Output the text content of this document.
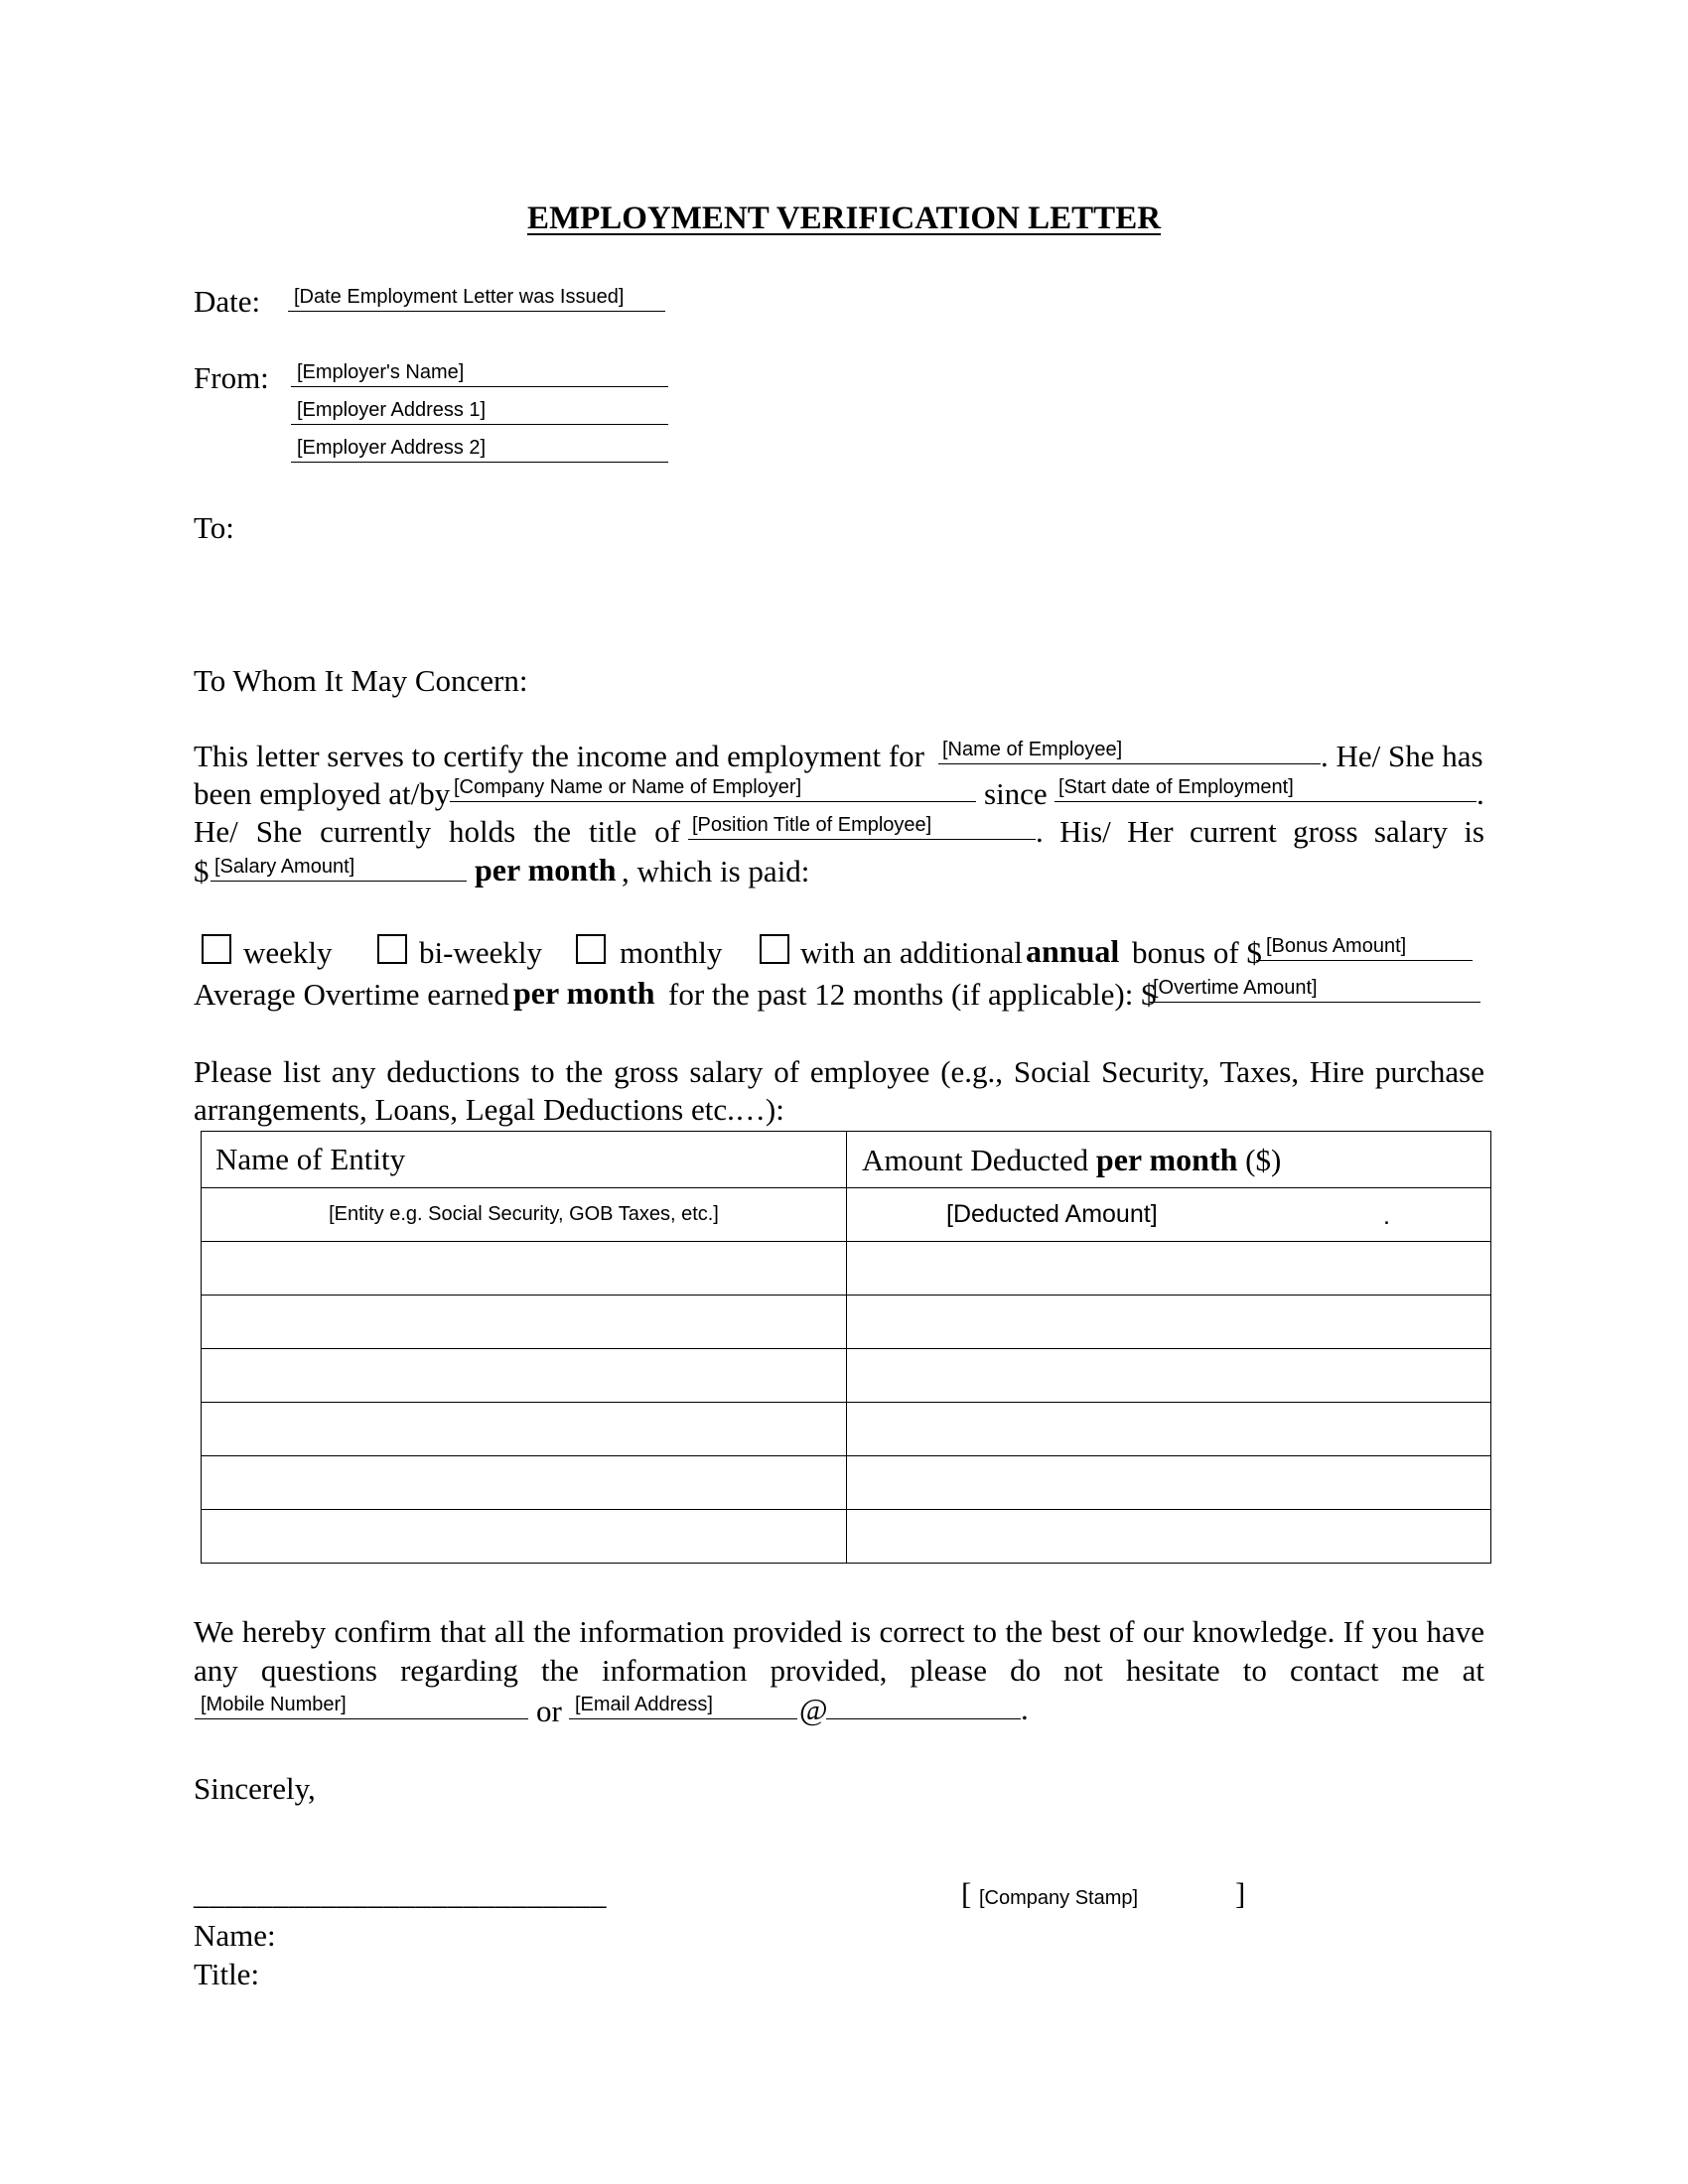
EMPLOYMENT VERIFICATION LETTER
Date: [Date Employment Letter was Issued]
From: [Employer's Name]
[Employer Address 1]
[Employer Address 2]
To:
To Whom It May Concern:
This letter serves to certify the income and employment for [Name of Employee]	. He/ She has
been employed at/by [Company Name or Name of Employer]	since [Start date of Employment]	.
He/ She currently holds the title of [Position Title of Employee]	. His/ Her current gross salary is
$ [Salary Amount]	per month , which is paid:
weekly	bi-weekly	monthly	with an additional annual bonus of $ [Bonus Amount]
Average Overtime earned per month for the past 12 months (if applicable): $
[Overtime Amount]
Please list any deductions to the gross salary of employee (e.g., Social Security, Taxes, Hire purchase
arrangements, Loans, Legal Deductions etc.…):
Name of Entity	Amount Deducted per month ($)
[Entity e.g. Social Security, GOB Taxes, etc.]	[Deducted Amount] .

We hereby confirm that all the information provided is correct to the best of our knowledge. If you have
any questions regarding the information provided, please do not hesitate to contact me at
[Mobile Number]	or [Email Address]	@	.
Sincerely,
__________________________	[ [Company Stamp]	]
Name:
Title:
